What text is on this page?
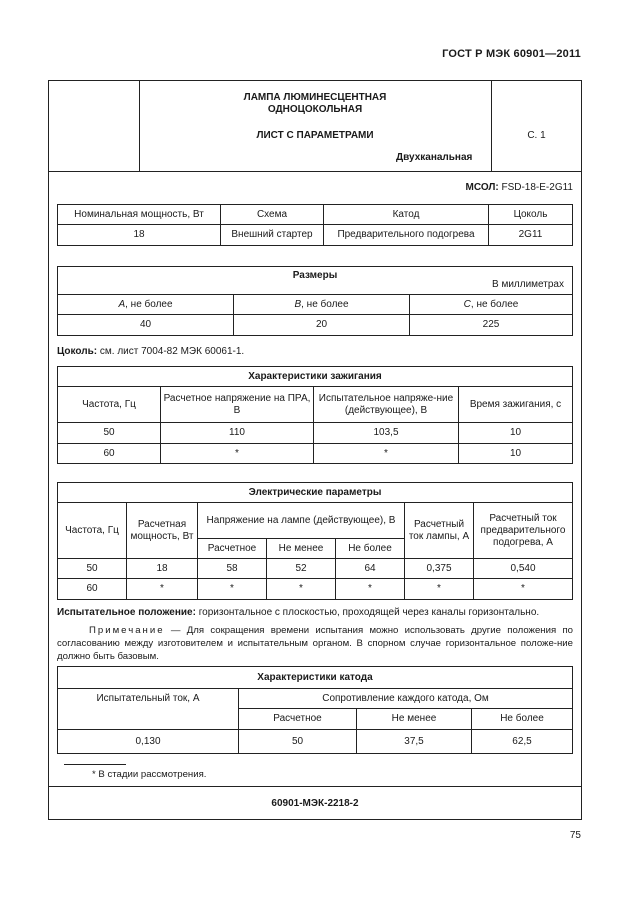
ГОСТ Р МЭК 60901—2011
ЛАМПА ЛЮМИНЕСЦЕНТНАЯ
ОДНОЦОКОЛЬНАЯ
ЛИСТ С ПАРАМЕТРАМИ
Двухканальная
С. 1
МСОЛ: FSD-18-E-2G11
Номинальная мощность, Вт	Схема	Катод	Цоколь
18	Внешний стартер	Предварительного подогрева	2G11
Размеры
В миллиметрах		

A, не более	B, не более	C, не более
40	20	225
Цоколь: см. лист 7004-82 МЭК 60061-1.
Характеристики зажигания			
Частота, Гц	Расчетное напряжение на ПРА, В	Испытательное напряже-ние (действующее), В	Время зажигания, с
50	110	103,5	10
60	*	*	10
Электрические параметры						
Частота, Гц	Расчетная мощность, Вт	Напряжение на лампе (действующее), В			Расчетный ток лампы, А	Расчетный ток предварительного подогрева, А
		Расчетное	Не менее	Не более		
50	18	58	52	64	0,375	0,540
60	*	*	*	*	*	*
Испытательное положение: горизонтальное с плоскостью, проходящей через каналы горизонтально.
Примечание — Для сокращения времени испытания можно использовать другие положения по согласованию между изготовителем и испытательным органом. В спорном случае горизонтальное положе-ние должно быть базовым.
Характеристики катода			
Испытательный ток, А	Сопротивление каждого катода, Ом		
	Расчетное	Не менее	Не более
0,130	50	37,5	62,5
* В стадии рассмотрения.
60901-МЭК-2218-2
75
